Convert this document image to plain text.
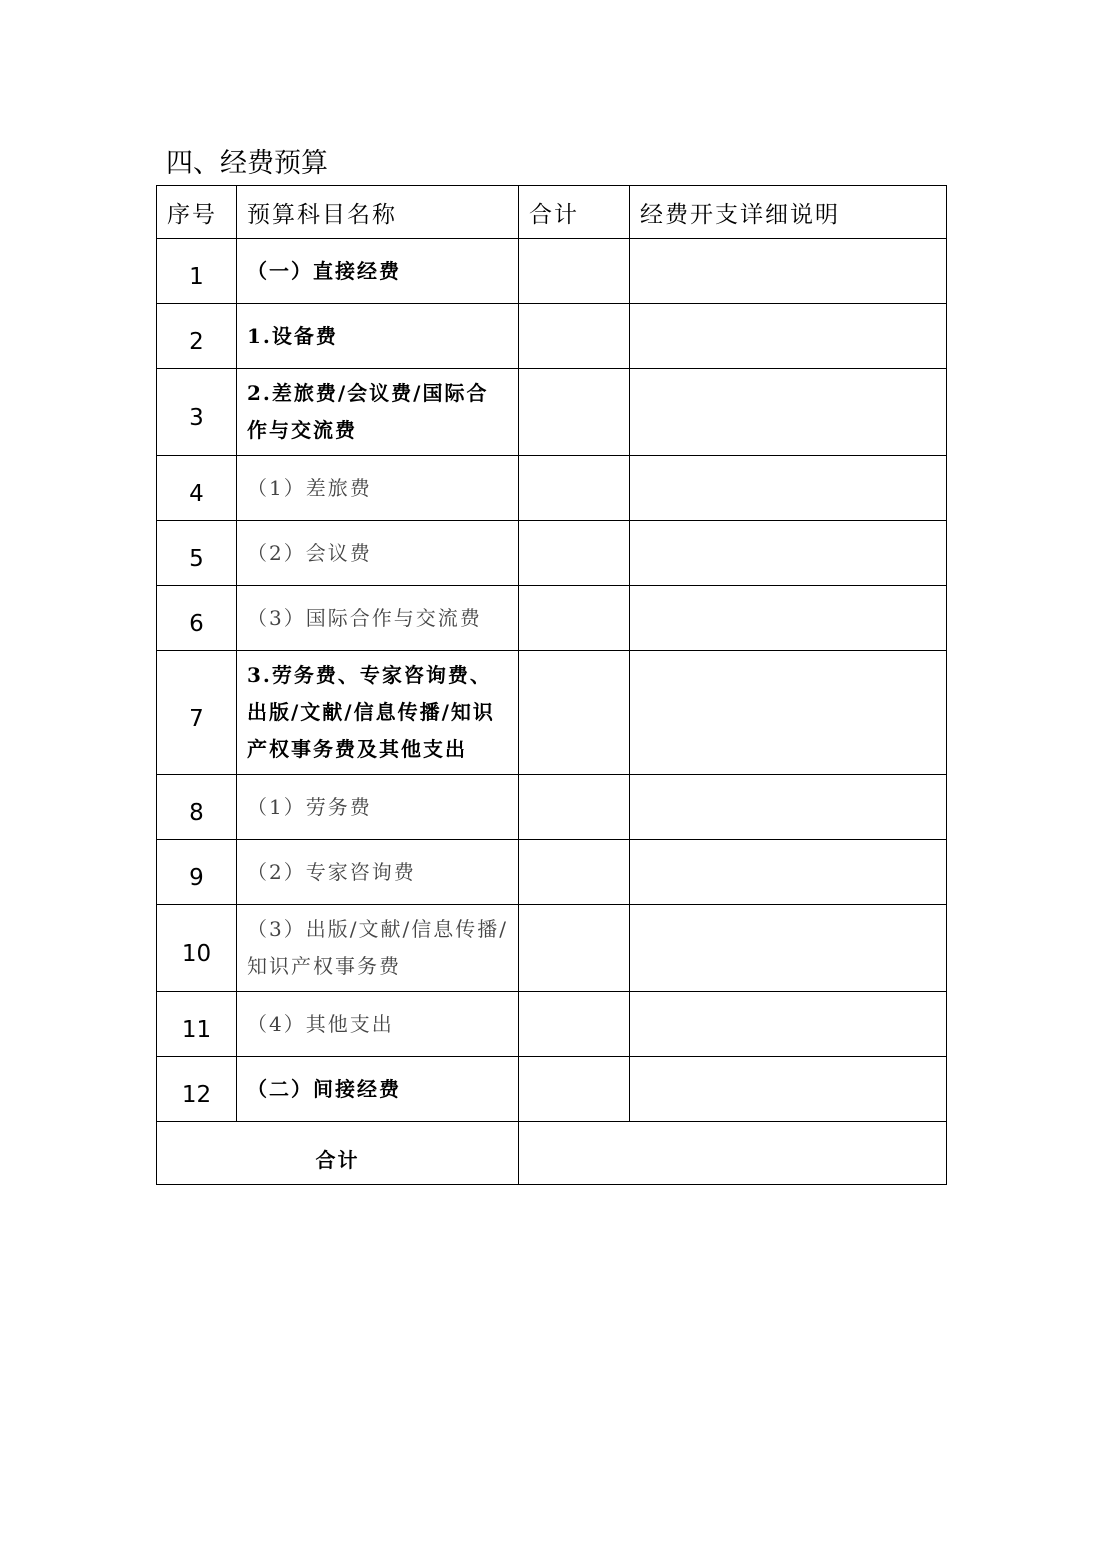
四、经费预算
序号	预算科目名称	合计	经费开支详细说明
1	（一）直接经费		
2	1.设备费		
3	2.差旅费/会议费/国际合作与交流费		
4	（1）差旅费		
5	（2）会议费		
6	（3）国际合作与交流费		
7	3.劳务费、专家咨询费、出版/文献/信息传播/知识产权事务费及其他支出		
8	（1）劳务费		
9	（2）专家咨询费		
10	（3）出版/文献/信息传播/知识产权事务费		
11	（4）其他支出		
12	（二）间接经费		
合计			
